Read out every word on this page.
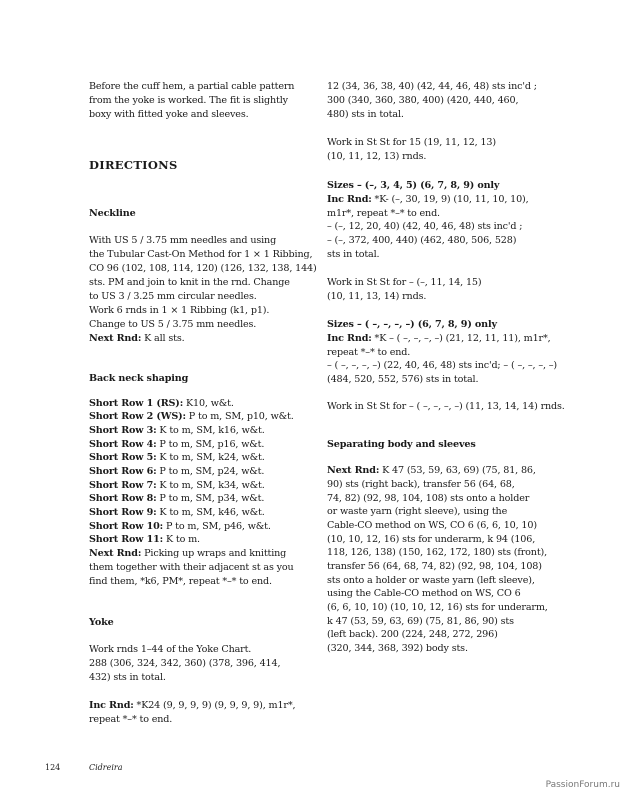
Before the cuff hem, a partial cable pattern
from the yoke is worked. The fit is slightly
boxy with fitted yoke and sleeves.
DIRECTIONS
Neckline
With US 5 / 3.75 mm needles and using
the Tubular Cast-On Method for 1 × 1 Ribbing,
CO 96 (102, 108, 114, 120) (126, 132, 138, 144)
sts. PM and join to knit in the rnd. Change
to US 3 / 3.25 mm circular needles.
Work 6 rnds in 1 × 1 Ribbing (k1, p1).
Change to US 5 / 3.75 mm needles.
Next Rnd: K all sts.
Back neck shaping
Short Row 1 (RS): K10, w&t.
Short Row 2 (WS): P to m, SM, p10, w&t.
Short Row 3: K to m, SM, k16, w&t.
Short Row 4: P to m, SM, p16, w&t.
Short Row 5: K to m, SM, k24, w&t.
Short Row 6: P to m, SM, p24, w&t.
Short Row 7: K to m, SM, k34, w&t.
Short Row 8: P to m, SM, p34, w&t.
Short Row 9: K to m, SM, k46, w&t.
Short Row 10: P to m, SM, p46, w&t.
Short Row 11: K to m.
Next Rnd: Picking up wraps and knitting
them together with their adjacent st as you
find them, *k6, PM*, repeat *–* to end.
Yoke
Work rnds 1–44 of the Yoke Chart.
288 (306, 324, 342, 360) (378, 396, 414,
432) sts in total.
Inc Rnd: *K24 (9, 9, 9, 9) (9, 9, 9, 9), m1r*,
repeat *–* to end.
12 (34, 36, 38, 40) (42, 44, 46, 48) sts inc'd ;
300 (340, 360, 380, 400) (420, 440, 460,
480) sts in total.
Work in St St for 15 (19, 11, 12, 13)
(10, 11, 12, 13) rnds.
Sizes – (–, 3, 4, 5) (6, 7, 8, 9) only
Inc Rnd: *K- (–, 30, 19, 9) (10, 11, 10, 10),
m1r*, repeat *–* to end.
– (–, 12, 20, 40) (42, 40, 46, 48) sts inc'd ;
– (–, 372, 400, 440) (462, 480, 506, 528)
sts in total.
Work in St St for – (–, 11, 14, 15)
(10, 11, 13, 14) rnds.
Sizes – ( –, –, –, –) (6, 7, 8, 9) only
Inc Rnd: *K – ( –, –, –, –) (21, 12, 11, 11), m1r*,
repeat *–* to end.
– ( –, –, –, –) (22, 40, 46, 48) sts inc'd; – ( –, –, –, –)
(484, 520, 552, 576) sts in total.
Work in St St for – ( –, –, –, –) (11, 13, 14, 14) rnds.
Separating body and sleeves
Next Rnd: K 47 (53, 59, 63, 69) (75, 81, 86,
90) sts (right back), transfer 56 (64, 68,
74, 82) (92, 98, 104, 108) sts onto a holder
or waste yarn (right sleeve), using the
Cable-CO method on WS, CO 6 (6, 6, 10, 10)
(10, 10, 12, 16) sts for underarm, k 94 (106,
118, 126, 138) (150, 162, 172, 180) sts (front),
transfer 56 (64, 68, 74, 82) (92, 98, 104, 108)
sts onto a holder or waste yarn (left sleeve),
using the Cable-CO method on WS, CO 6
(6, 6, 10, 10) (10, 10, 12, 16) sts for underarm,
k 47 (53, 59, 63, 69) (75, 81, 86, 90) sts
(left back). 200 (224, 248, 272, 296)
(320, 344, 368, 392) body sts.
124	Cidreira
PassionForum.ru
